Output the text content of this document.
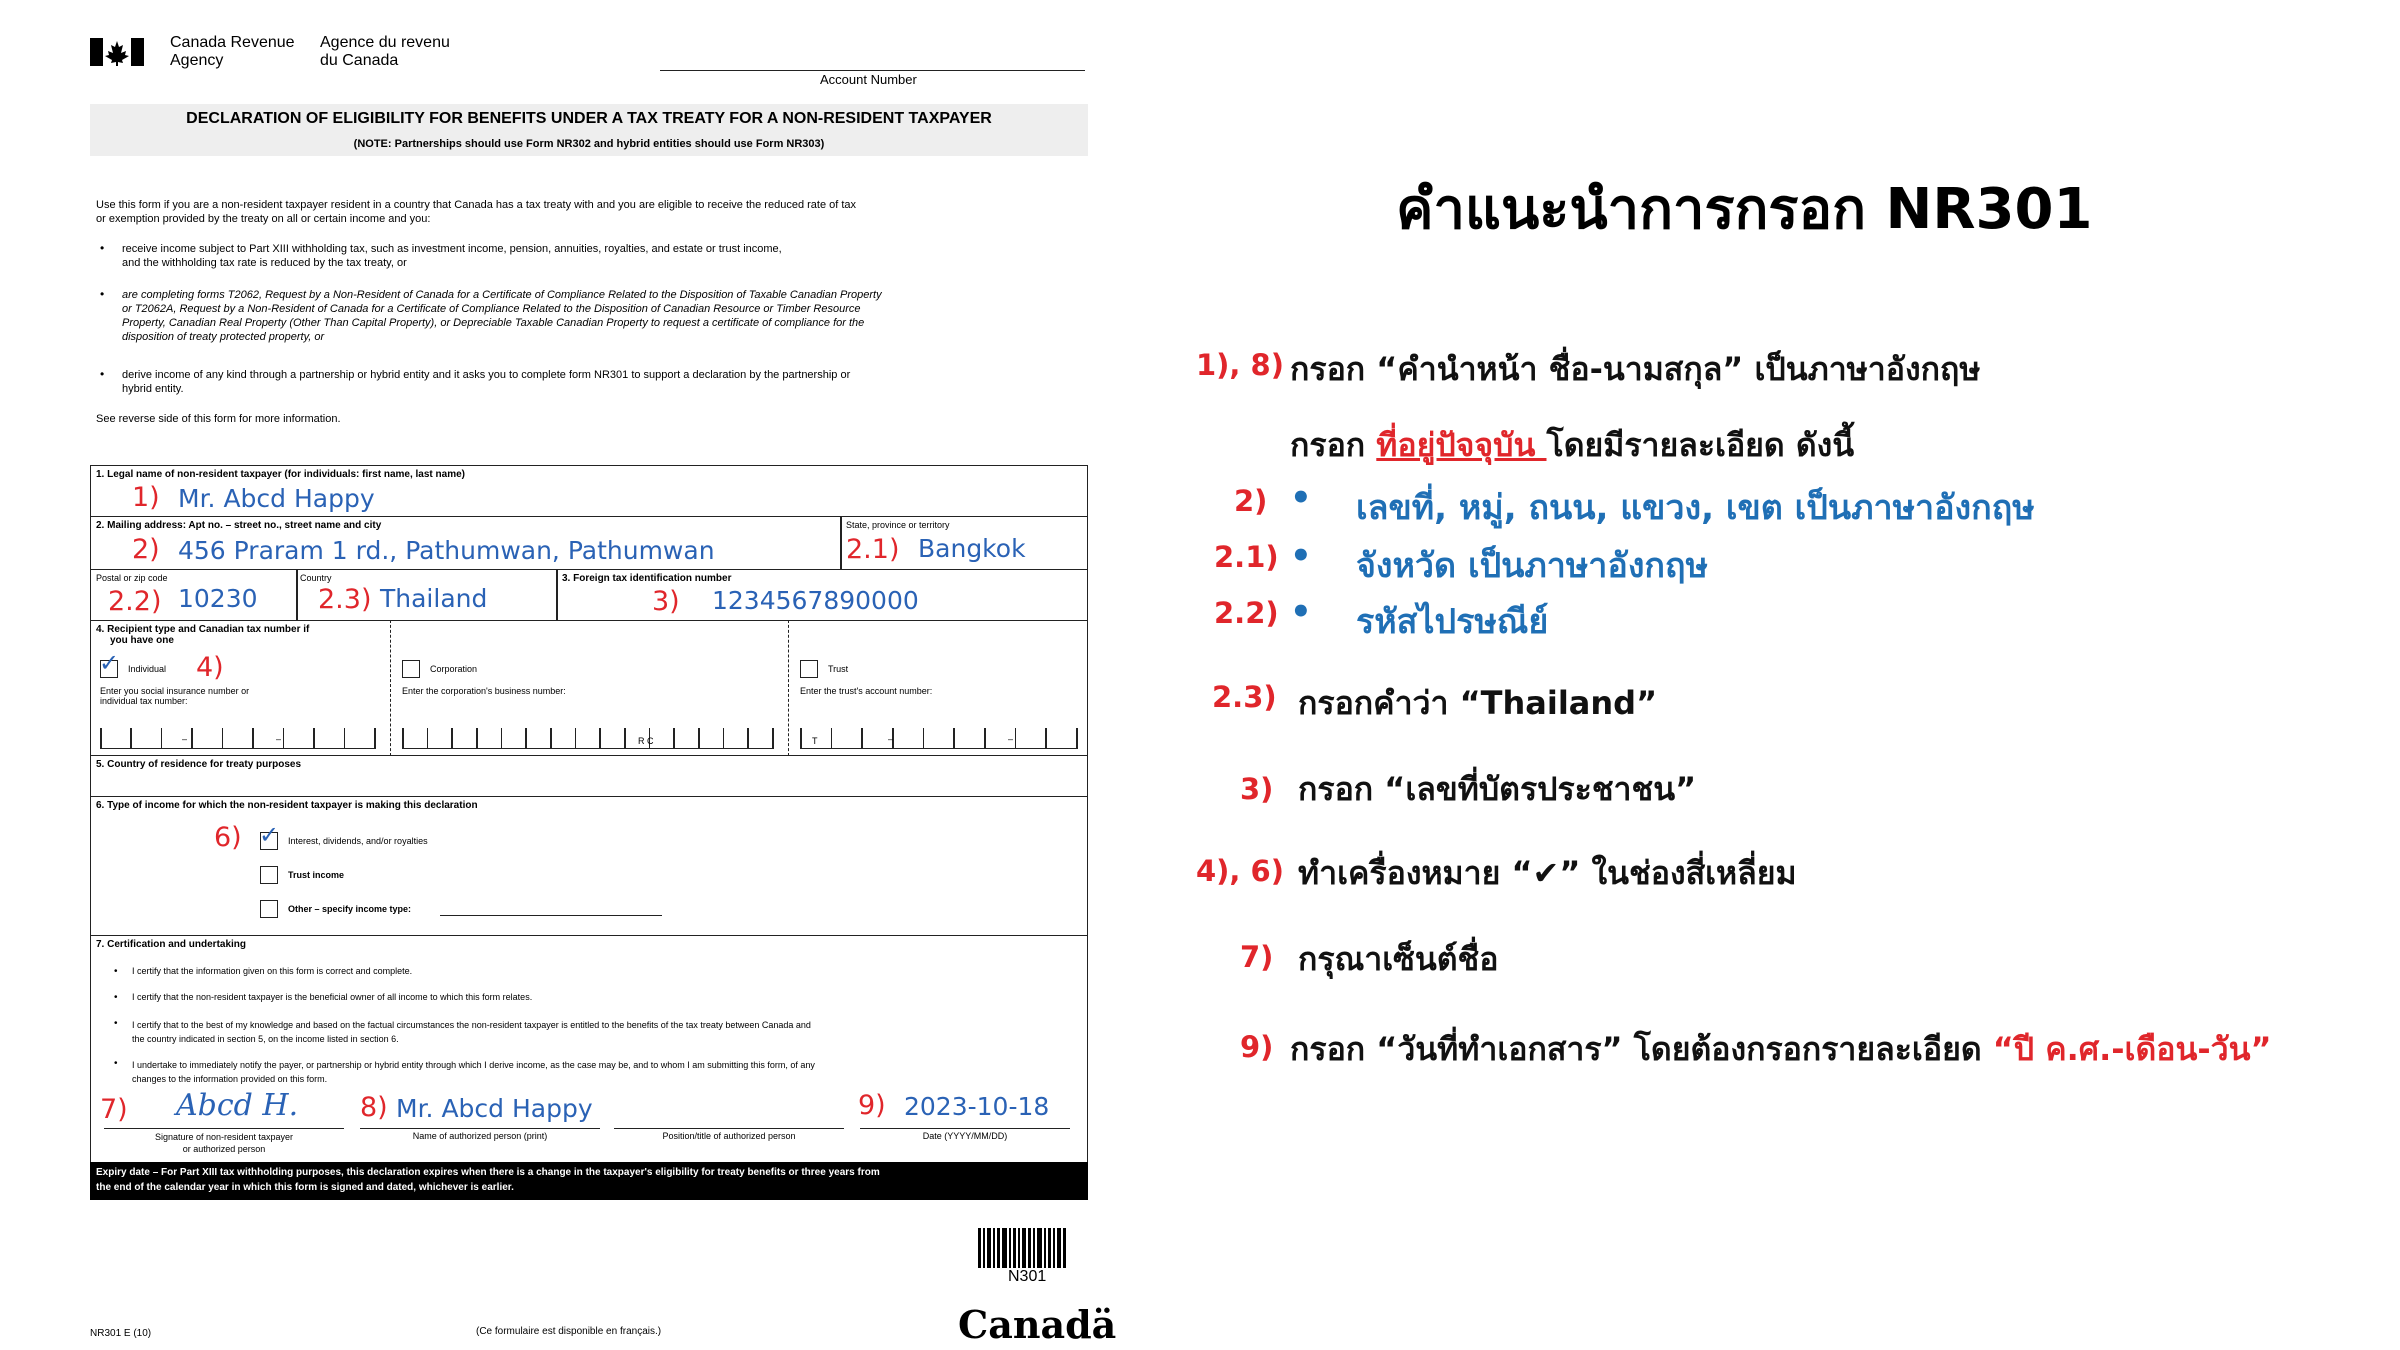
Canada Revenue
Agency
Agence du revenu
du Canada
Account Number
DECLARATION OF ELIGIBILITY FOR BENEFITS UNDER A TAX TREATY FOR A NON-RESIDENT TAXPAYER
(NOTE: Partnerships should use Form NR302 and hybrid entities should use Form NR303)
Use this form if you are a non-resident taxpayer resident in a country that Canada has a tax treaty with and you are eligible to receive the reduced rate of tax
or exemption provided by the treaty on all or certain income and you:
• receive income subject to Part XIII withholding tax, such as investment income, pension, annuities, royalties, and estate or trust income,
and the withholding tax rate is reduced by the tax treaty, or
• are completing forms T2062, Request by a Non-Resident of Canada for a Certificate of Compliance Related to the Disposition of Taxable Canadian Property
or T2062A, Request by a Non-Resident of Canada for a Certificate of Compliance Related to the Disposition of Canadian Resource or Timber Resource
Property, Canadian Real Property (Other Than Capital Property), or Depreciable Taxable Canadian Property to request a certificate of compliance for the
disposition of treaty protected property, or
• derive income of any kind through a partnership or hybrid entity and it asks you to complete form NR301 to support a declaration by the partnership or
hybrid entity.
See reverse side of this form for more information.
1. Legal name of non-resident taxpayer (for individuals: first name, last name)
1) Mr. Abcd Happy
2. Mailing address: Apt no. – street no., street name and city
2) 456 Praram 1 rd., Pathumwan, Pathumwan
State, province or territory
2.1) Bangkok
Postal or zip code
2.2) 10230
Country
2.3) Thailand
3. Foreign tax identification number
3) 1234567890000
4. Recipient type and Canadian tax number if
you have one
✓ Individual 4)
Enter you social insurance number or
individual tax number:
–	–
Corporation
Enter the corporation's business number:
R C
Trust
Enter the trust's account number:
T	–	–
5. Country of residence for treaty purposes
6. Type of income for which the non-resident taxpayer is making this declaration
6) ✓ Interest, dividends, and/or royalties
Trust income
Other – specify income type:
7. Certification and undertaking
• I certify that the information given on this form is correct and complete.
• I certify that the non-resident taxpayer is the beneficial owner of all income to which this form relates.
• I certify that to the best of my knowledge and based on the factual circumstances the non-resident taxpayer is entitled to the benefits of the tax treaty between Canada and
the country indicated in section 5, on the income listed in section 6.
• I undertake to immediately notify the payer, or partnership or hybrid entity through which I derive income, as the case may be, and to whom I am submitting this form, of any
changes to the information provided on this form.
7) Abcd H.
Signature of non-resident taxpayer
or authorized person
8) Mr. Abcd Happy
Name of authorized person (print)	Position/title of authorized person
9) 2023-10-18
Date (YYYY/MM/DD)
Expiry date – For Part XIII tax withholding purposes, this declaration expires when there is a change in the taxpayer's eligibility for treaty benefits or three years from
the end of the calendar year in which this form is signed and dated, whichever is earlier.
N301
NR301 E (10)	(Ce formulaire est disponible en français.)	Canadä
คำแนะนำการกรอก NR301
1), 8) กรอก “คำนำหน้า ชื่อ-นามสกุล” เป็นภาษาอังกฤษ
กรอก ที่อยู่ปัจจุบัน โดยมีรายละเอียด ดังนี้
2) • เลขที่, หมู่, ถนน, แขวง, เขต เป็นภาษาอังกฤษ
2.1) • จังหวัด เป็นภาษาอังกฤษ
2.2) • รหัสไปรษณีย์
2.3) กรอกคำว่า “Thailand”
3) กรอก “เลขที่บัตรประชาชน”
4), 6) ทำเครื่องหมาย “✔” ในช่องสี่เหลี่ยม
7) กรุณาเซ็นต์ชื่อ
9) กรอก “วันที่ทำเอกสาร” โดยต้องกรอกรายละเอียด “ปี ค.ศ.-เดือน-วัน”
